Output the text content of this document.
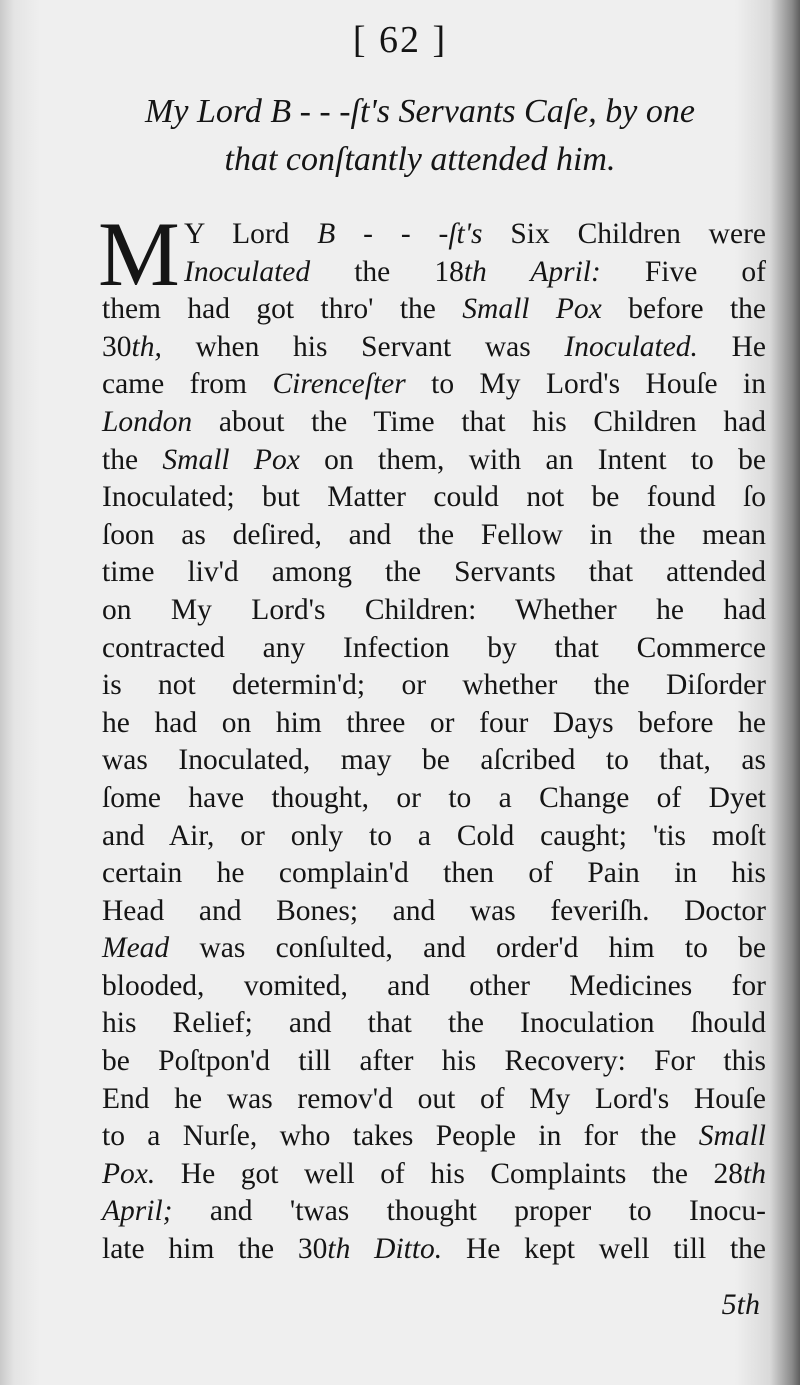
[ 62 ]
My Lord B - - -ſt's Servants Caſe, by one
that conſtantly attended him.
M Y Lord B - - -ſt's Six Children were
Inoculated the 18th April: Five of
them had got thro' the Small Pox before the
30th, when his Servant was Inoculated. He
came from Cirenceſter to My Lord's Houſe in
London about the Time that his Children had
the Small Pox on them, with an Intent to be
Inoculated; but Matter could not be found ſo
ſoon as deſired, and the Fellow in the mean
time liv'd among the Servants that attended
on My Lord's Children: Whether he had
contracted any Infection by that Commerce
is not determin'd; or whether the Diſorder
he had on him three or four Days before he
was Inoculated, may be aſcribed to that, as
ſome have thought, or to a Change of Dyet
and Air, or only to a Cold caught; 'tis moſt
certain he complain'd then of Pain in his
Head and Bones; and was feveriſh. Doctor
Mead was conſulted, and order'd him to be
blooded, vomited, and other Medicines for
his Relief; and that the Inoculation ſhould
be Poſtpon'd till after his Recovery: For this
End he was remov'd out of My Lord's Houſe
to a Nurſe, who takes People in for the Small
Pox. He got well of his Complaints the 28th
April; and 'twas thought proper to Inocu-
late him the 30th Ditto. He kept well till the
5th
